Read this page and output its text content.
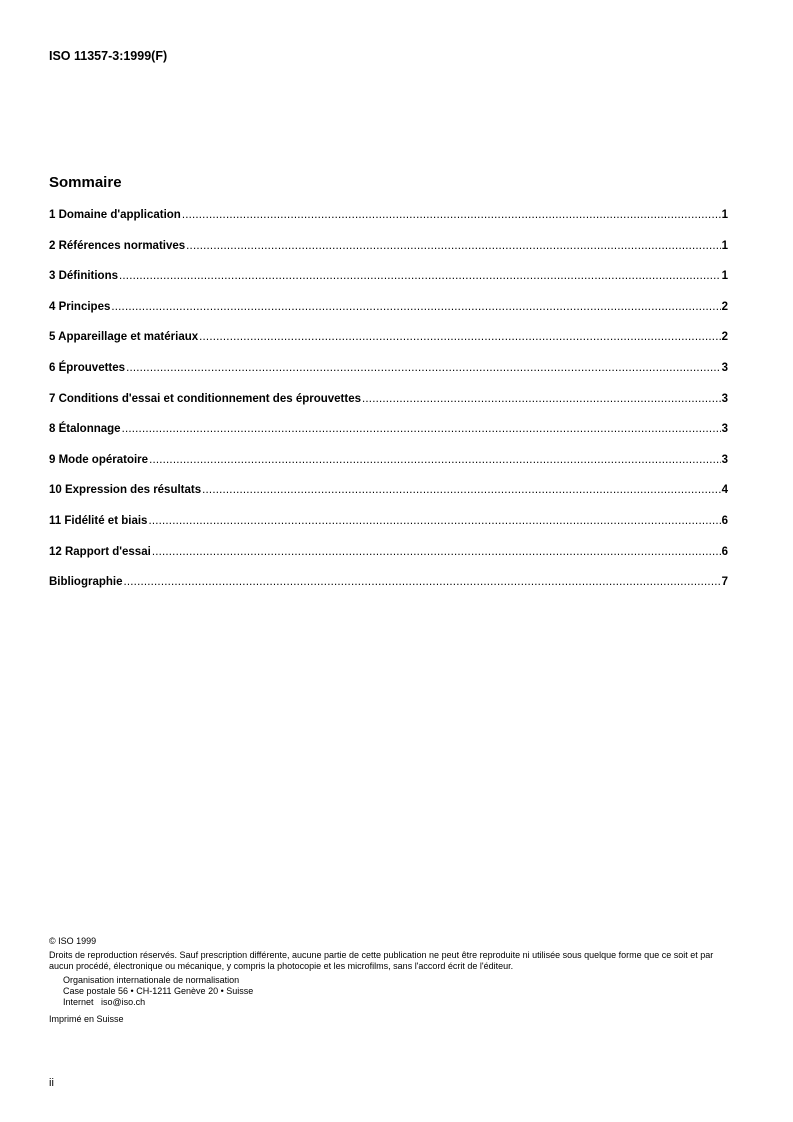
ISO 11357-3:1999(F)
Sommaire
1 Domaine d'application .....	1
2 Références normatives .....	1
3 Définitions .....	1
4 Principes .....	2
5 Appareillage et matériaux .....	2
6 Éprouvettes .....	3
7 Conditions d'essai et conditionnement des éprouvettes .....	3
8 Étalonnage .....	3
9 Mode opératoire .....	3
10 Expression des résultats .....	4
11 Fidélité et biais .....	6
12 Rapport d'essai .....	6
Bibliographie .....	7

© ISO 1999

Droits de reproduction réservés. Sauf prescription différente, aucune partie de cette publication ne peut être reproduite ni utilisée sous quelque forme que ce soit et par aucun procédé, électronique ou mécanique, y compris la photocopie et les microfilms, sans l'accord écrit de l'éditeur.

Organisation internationale de normalisation

Case postale 56 • CH-1211 Genève 20 • Suisse

Internet iso@iso.ch

Imprimé en Suisse

ii
